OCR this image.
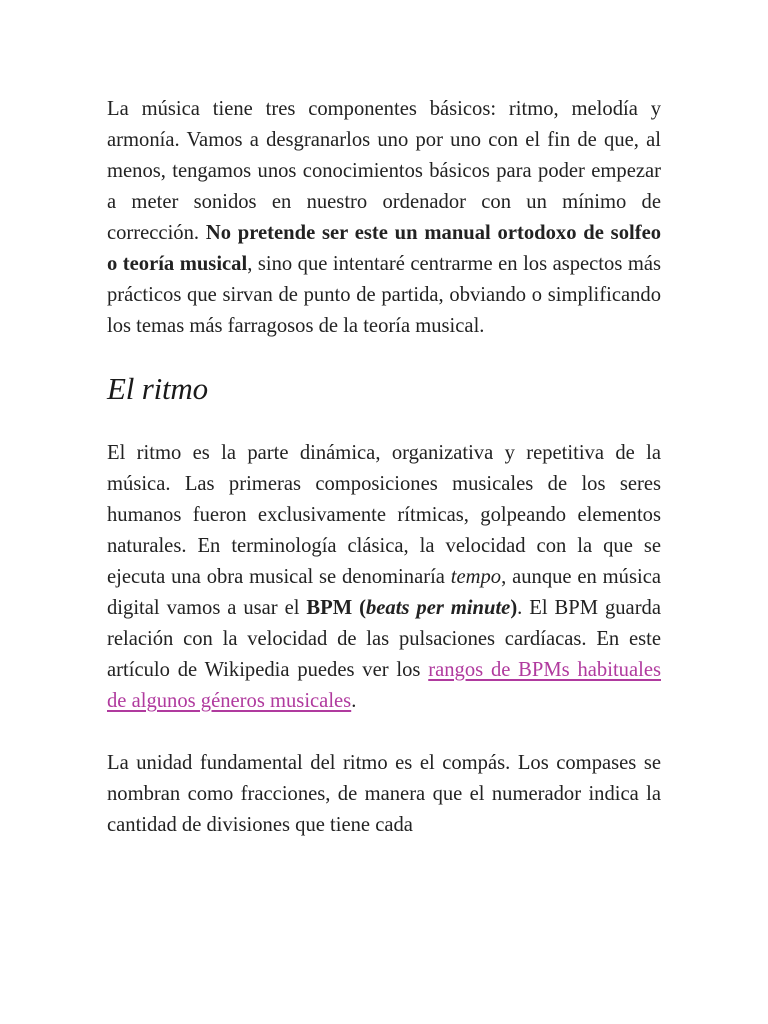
La música tiene tres componentes básicos: ritmo, melodía y armonía. Vamos a desgranarlos uno por uno con el fin de que, al menos, tengamos unos conocimientos básicos para poder empezar a meter sonidos en nuestro ordenador con un mínimo de corrección. No pretende ser este un manual ortodoxo de solfeo o teoría musical, sino que intentaré centrarme en los aspectos más prácticos que sirvan de punto de partida, obviando o simplificando los temas más farragosos de la teoría musical.

El ritmo

El ritmo es la parte dinámica, organizativa y repetitiva de la música. Las primeras composiciones musicales de los seres humanos fueron exclusivamente rítmicas, golpeando elementos naturales. En terminología clásica, la velocidad con la que se ejecuta una obra musical se denominaría tempo, aunque en música digital vamos a usar el BPM (beats per minute). El BPM guarda relación con la velocidad de las pulsaciones cardíacas. En este artículo de Wikipedia puedes ver los rangos de BPMs habituales de algunos géneros musicales.

La unidad fundamental del ritmo es el compás. Los compases se nombran como fracciones, de manera que el numerador indica la cantidad de divisiones que tiene cada
